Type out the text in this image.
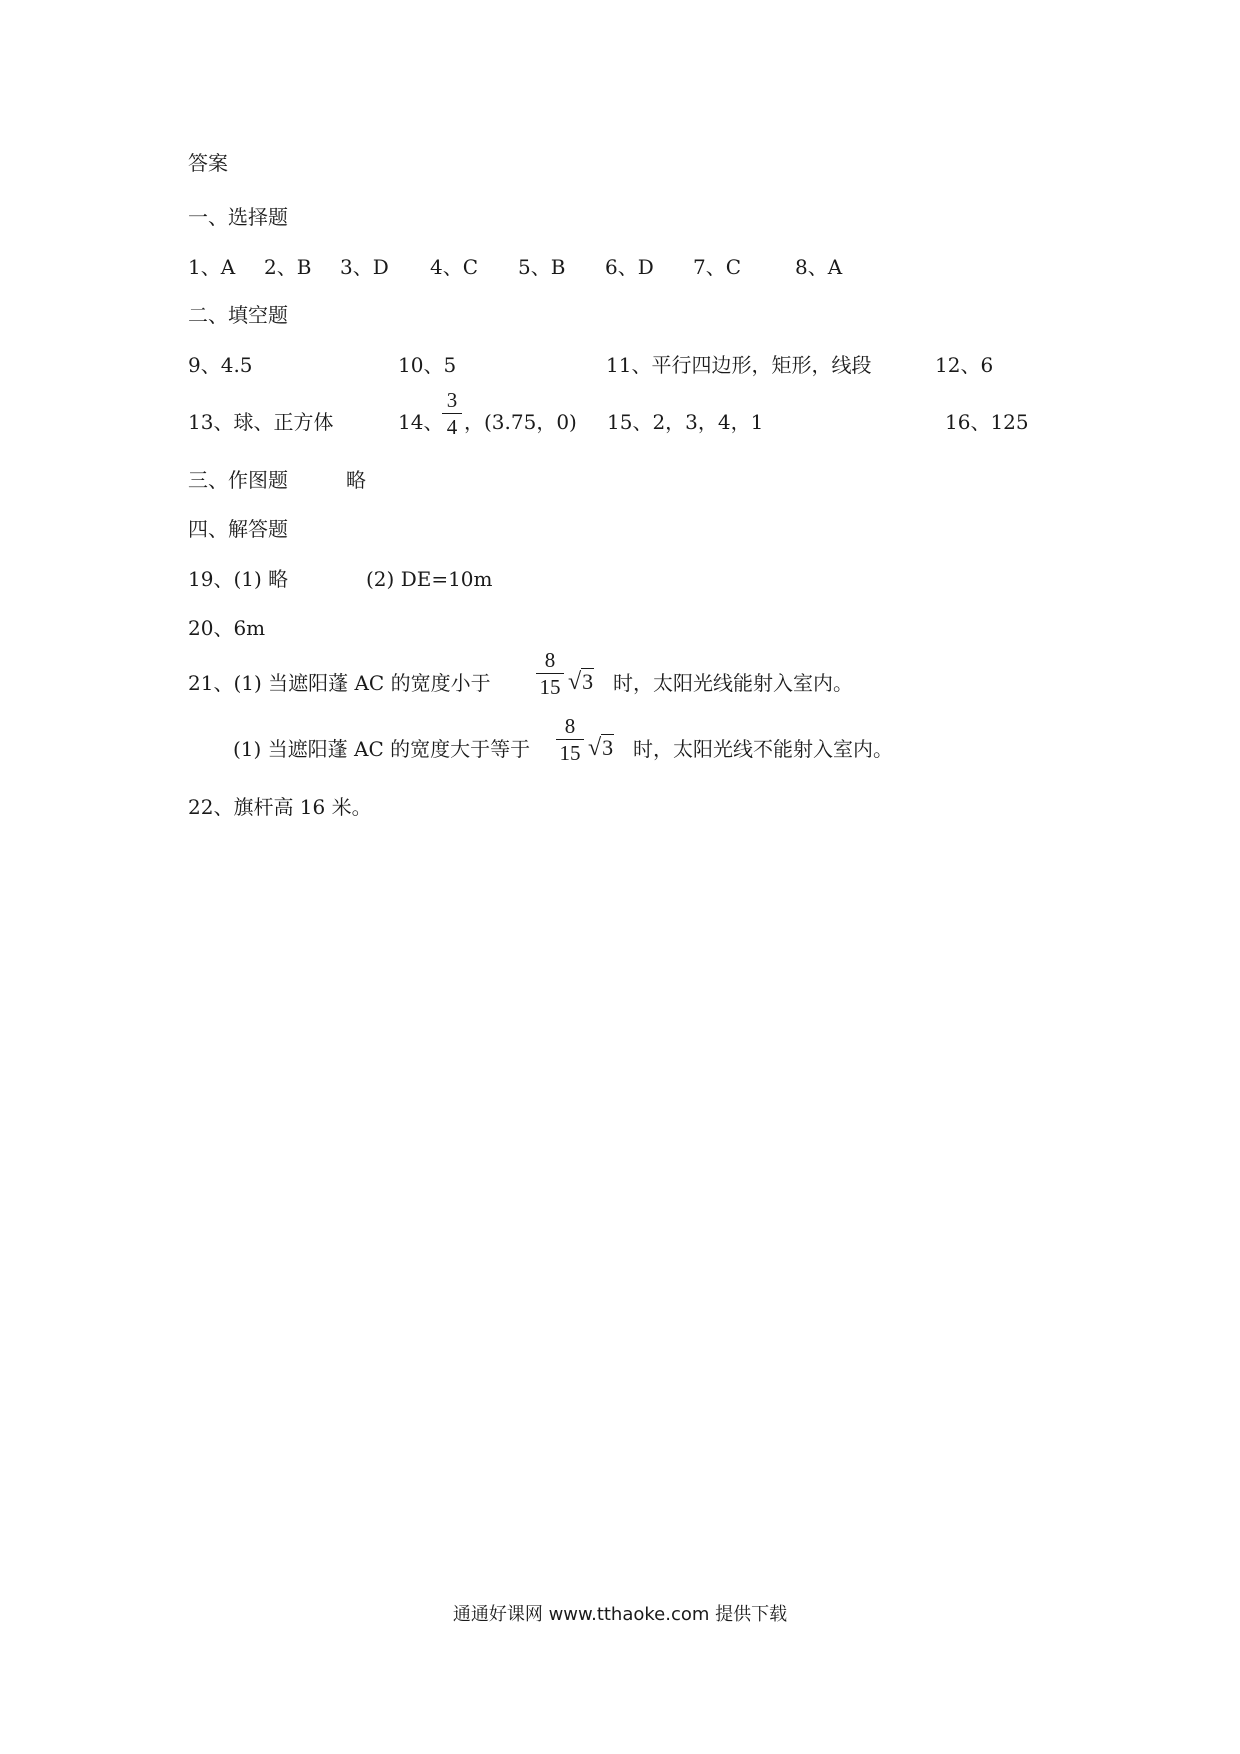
答案
一、选择题
1、A 2、B 3、D 4、C 5、B 6、D 7、C	8、A
二、填空题
9、4.5	10、5	11、平行四边形，矩形，线段	12、6
13、球、正方体	14、
3
4 ，(3.75，0) 15、2，3，4，1	16、125
三、作图题	略
四、解答题
19、(1) 略	(2) DE=10m
20、6m
21、(1) 当遮阳蓬 AC 的宽度小于
8
15 √3 时，太阳光线能射入室内。
(1) 当遮阳蓬 AC 的宽度大于等于
8
15 √3 时，太阳光线不能射入室内。
22、旗杆高 16 米。
通通好课网 www.tthaoke.com 提供下载
